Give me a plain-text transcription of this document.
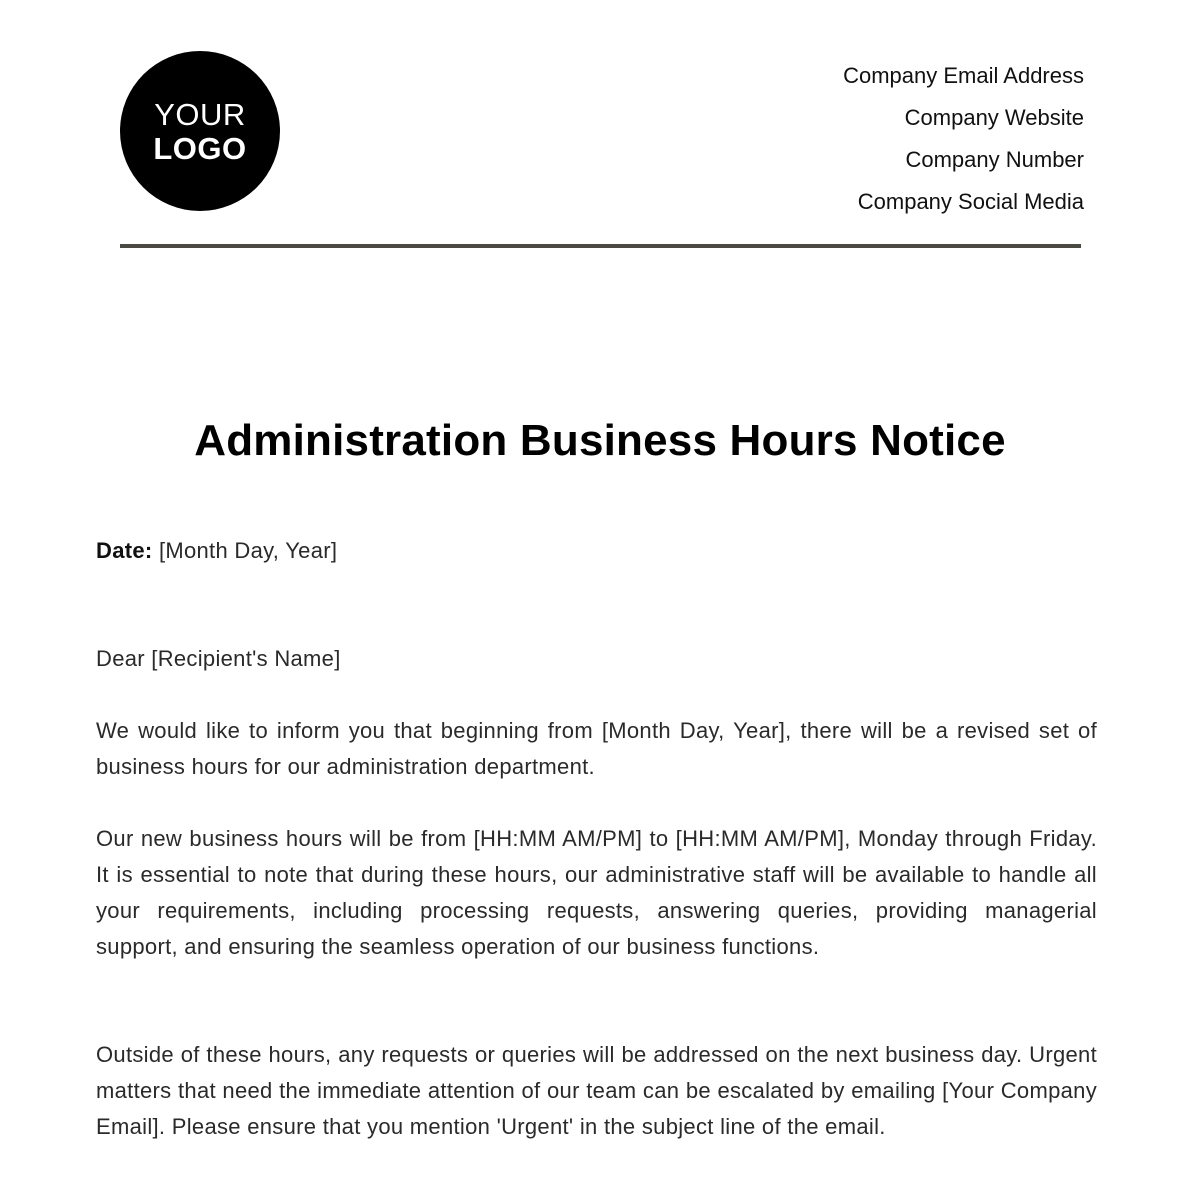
YOUR
LOGO
Company Email Address
Company Website
Company Number
Company Social Media
Administration Business Hours Notice
Date: [Month Day, Year]
Dear [Recipient's Name]
We would like to inform you that beginning from [Month Day, Year], there will be a revised set of business hours for our administration department.
Our new business hours will be from [HH:MM AM/PM] to [HH:MM AM/PM], Monday through Friday. It is essential to note that during these hours, our administrative staff will be available to handle all your requirements, including processing requests, answering queries, providing managerial support, and ensuring the seamless operation of our business functions.
Outside of these hours, any requests or queries will be addressed on the next business day. Urgent matters that need the immediate attention of our team can be escalated by emailing [Your Company Email]. Please ensure that you mention 'Urgent' in the subject line of the email.
